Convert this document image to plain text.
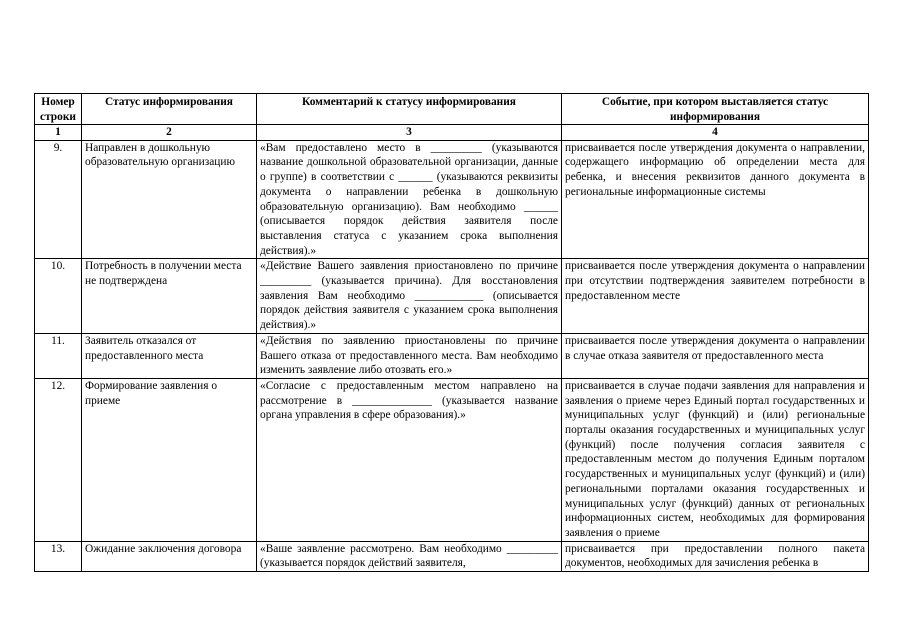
Номер строки	Статус информирования	Комментарий к статусу информирования	Событие, при котором выставляется статус информирования
1	2	3	4
9.	Направлен в дошкольную образовательную организацию	«Вам предоставлено место в _________ (указываются название дошкольной образовательной организации, данные о группе) в соответствии с ______ (указываются реквизиты документа о направлении ребенка в дошкольную образовательную организацию). Вам необходимо ______ (описывается порядок действия заявителя после выставления статуса с указанием срока выполнения действия).»	присваивается после утверждения документа о направлении, содержащего информацию об определении места для ребенка, и внесения реквизитов данного документа в региональные информационные системы
10.	Потребность в получении места не подтверждена	«Действие Вашего заявления приостановлено по причине _________ (указывается причина). Для восстановления заявления Вам необходимо ____________ (описывается порядок действия заявителя с указанием срока выполнения действия).»	присваивается после утверждения документа о направлении при отсутствии подтверждения заявителем потребности в предоставленном месте
11.	Заявитель отказался от предоставленного места	«Действия по заявлению приостановлены по причине Вашего отказа от предоставленного места. Вам необходимо изменить заявление либо отозвать его.»	присваивается после утверждения документа о направлении в случае отказа заявителя от предоставленного места
12.	Формирование заявления о приеме	«Согласие с предоставленным местом направлено на рассмотрение в ______________ (указывается название органа управления в сфере образования).»	присваивается в случае подачи заявления для направления и заявления о приеме через Единый портал государственных и муниципальных услуг (функций) и (или) региональные порталы оказания государственных и муниципальных услуг (функций) после получения согласия заявителя с предоставленным местом до получения Единым порталом государственных и муниципальных услуг (функций) и (или) региональными порталами оказания государственных и муниципальных услуг (функций) данных от региональных информационных систем, необходимых для формирования заявления о приеме
13.	Ожидание заключения договора	«Ваше заявление рассмотрено. Вам необходимо _________ (указывается порядок действий заявителя,	присваивается при предоставлении полного пакета документов, необходимых для зачисления ребенка в
